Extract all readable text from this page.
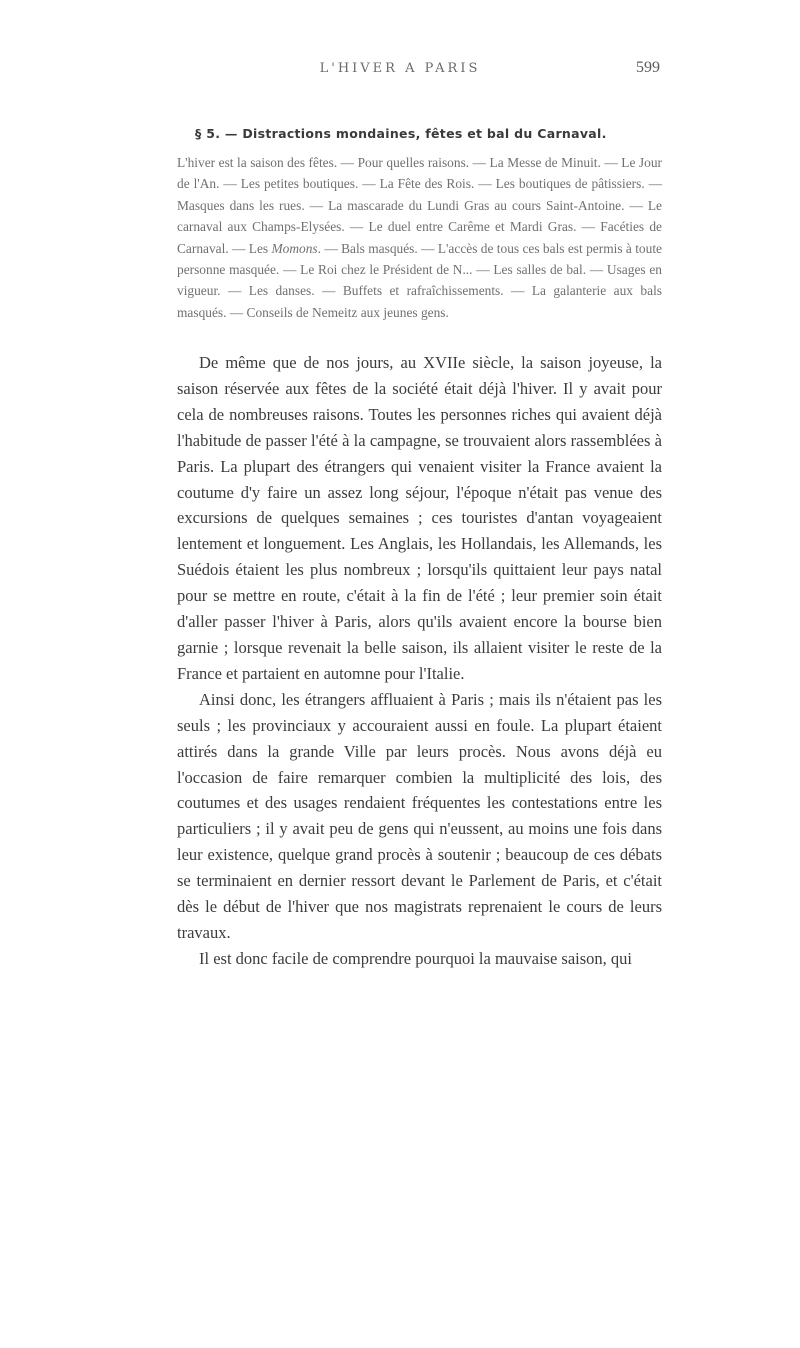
L'HIVER A PARIS	599
§ 5. — Distractions mondaines, fêtes et bal du Carnaval.

L'hiver est la saison des fêtes. — Pour quelles raisons. — La Messe de Minuit. — Le Jour de l'An. — Les petites boutiques. — La Fête des Rois. — Les boutiques de pâtissiers. — Masques dans les rues. — La mascarade du Lundi Gras au cours Saint-Antoine. — Le carnaval aux Champs-Elysées. — Le duel entre Carême et Mardi Gras. — Facéties de Carnaval. — Les Momons. — Bals masqués. — L'accès de tous ces bals est permis à toute personne masquée. — Le Roi chez le Président de N... — Les salles de bal. — Usages en vigueur. — Les danses. — Buffets et rafraîchissements. — La galanterie aux bals masqués. — Conseils de Nemeitz aux jeunes gens.

De même que de nos jours, au XVIIe siècle, la saison joyeuse, la saison réservée aux fêtes de la société était déjà l'hiver. Il y avait pour cela de nombreuses raisons. Toutes les personnes riches qui avaient déjà l'habitude de passer l'été à la campagne, se trouvaient alors rassemblées à Paris. La plupart des étrangers qui venaient visiter la France avaient la coutume d'y faire un assez long séjour, l'époque n'était pas venue des excursions de quelques semaines ; ces touristes d'antan voyageaient lentement et longuement. Les Anglais, les Hollandais, les Allemands, les Suédois étaient les plus nombreux ; lorsqu'ils quittaient leur pays natal pour se mettre en route, c'était à la fin de l'été ; leur premier soin était d'aller passer l'hiver à Paris, alors qu'ils avaient encore la bourse bien garnie ; lorsque revenait la belle saison, ils allaient visiter le reste de la France et partaient en automne pour l'Italie.

Ainsi donc, les étrangers affluaient à Paris ; mais ils n'étaient pas les seuls ; les provinciaux y accouraient aussi en foule. La plupart étaient attirés dans la grande Ville par leurs procès. Nous avons déjà eu l'occasion de faire remarquer combien la multiplicité des lois, des coutumes et des usages rendaient fréquentes les contestations entre les particuliers ; il y avait peu de gens qui n'eussent, au moins une fois dans leur existence, quelque grand procès à soutenir ; beaucoup de ces débats se terminaient en dernier ressort devant le Parlement de Paris, et c'était dès le début de l'hiver que nos magistrats reprenaient le cours de leurs travaux.

Il est donc facile de comprendre pourquoi la mauvaise saison, qui
